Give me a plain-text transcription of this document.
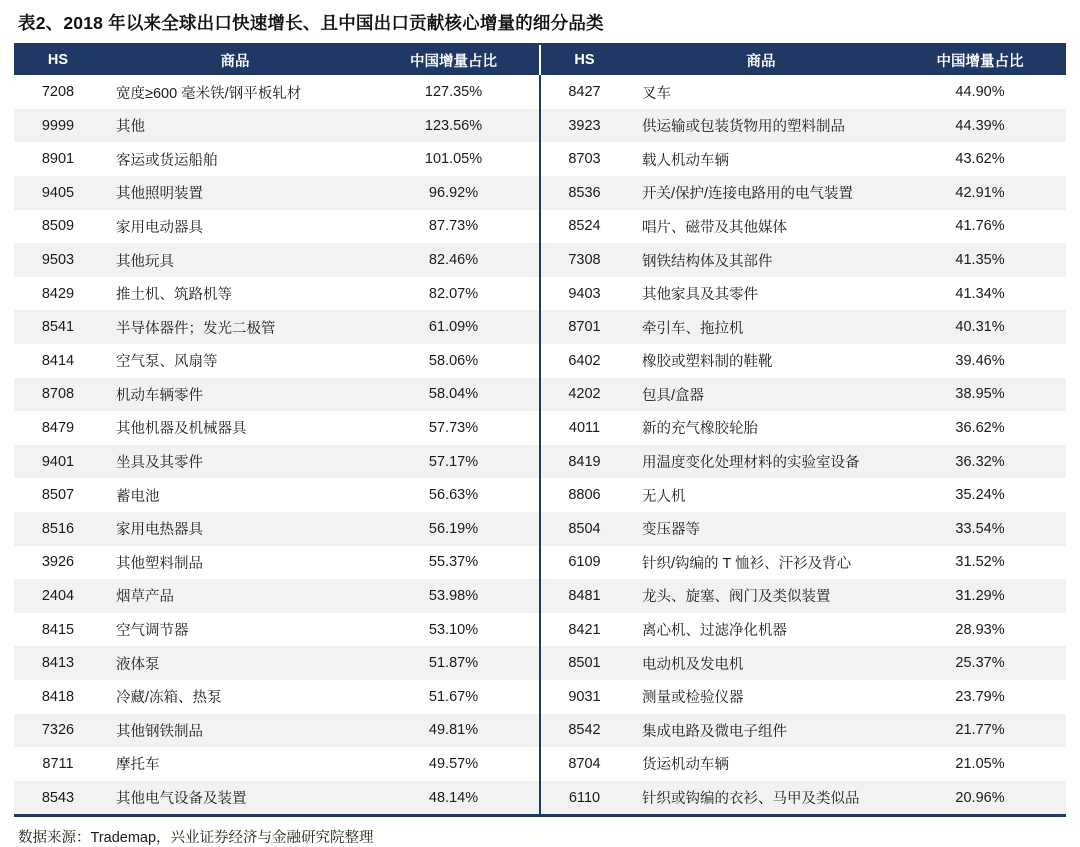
表2、2018 年以来全球出口快速增长、且中国出口贡献核心增量的细分品类
HS	商品	中国增量占比	HS	商品	中国增量占比
7208	宽度≥600 毫米铁/钢平板轧材	127.35%	8427	叉车	44.90%
9999	其他	123.56%	3923	供运输或包装货物用的塑料制品	44.39%
8901	客运或货运船舶	101.05%	8703	载人机动车辆	43.62%
9405	其他照明装置	96.92%	8536	开关/保护/连接电路用的电气装置	42.91%
8509	家用电动器具	87.73%	8524	唱片、磁带及其他媒体	41.76%
9503	其他玩具	82.46%	7308	钢铁结构体及其部件	41.35%
8429	推土机、筑路机等	82.07%	9403	其他家具及其零件	41.34%
8541	半导体器件；发光二极管	61.09%	8701	牵引车、拖拉机	40.31%
8414	空气泵、风扇等	58.06%	6402	橡胶或塑料制的鞋靴	39.46%
8708	机动车辆零件	58.04%	4202	包具/盒器	38.95%
8479	其他机器及机械器具	57.73%	4011	新的充气橡胶轮胎	36.62%
9401	坐具及其零件	57.17%	8419	用温度变化处理材料的实验室设备	36.32%
8507	蓄电池	56.63%	8806	无人机	35.24%
8516	家用电热器具	56.19%	8504	变压器等	33.54%
3926	其他塑料制品	55.37%	6109	针织/钩编的 T 恤衫、汗衫及背心	31.52%
2404	烟草产品	53.98%	8481	龙头、旋塞、阀门及类似装置	31.29%
8415	空气调节器	53.10%	8421	离心机、过滤净化机器	28.93%
8413	液体泵	51.87%	8501	电动机及发电机	25.37%
8418	冷藏/冻箱、热泵	51.67%	9031	测量或检验仪器	23.79%
7326	其他钢铁制品	49.81%	8542	集成电路及微电子组件	21.77%
8711	摩托车	49.57%	8704	货运机动车辆	21.05%
8543	其他电气设备及装置	48.14%	6110	针织或钩编的衣衫、马甲及类似品	20.96%
数据来源：Trademap，兴业证券经济与金融研究院整理
